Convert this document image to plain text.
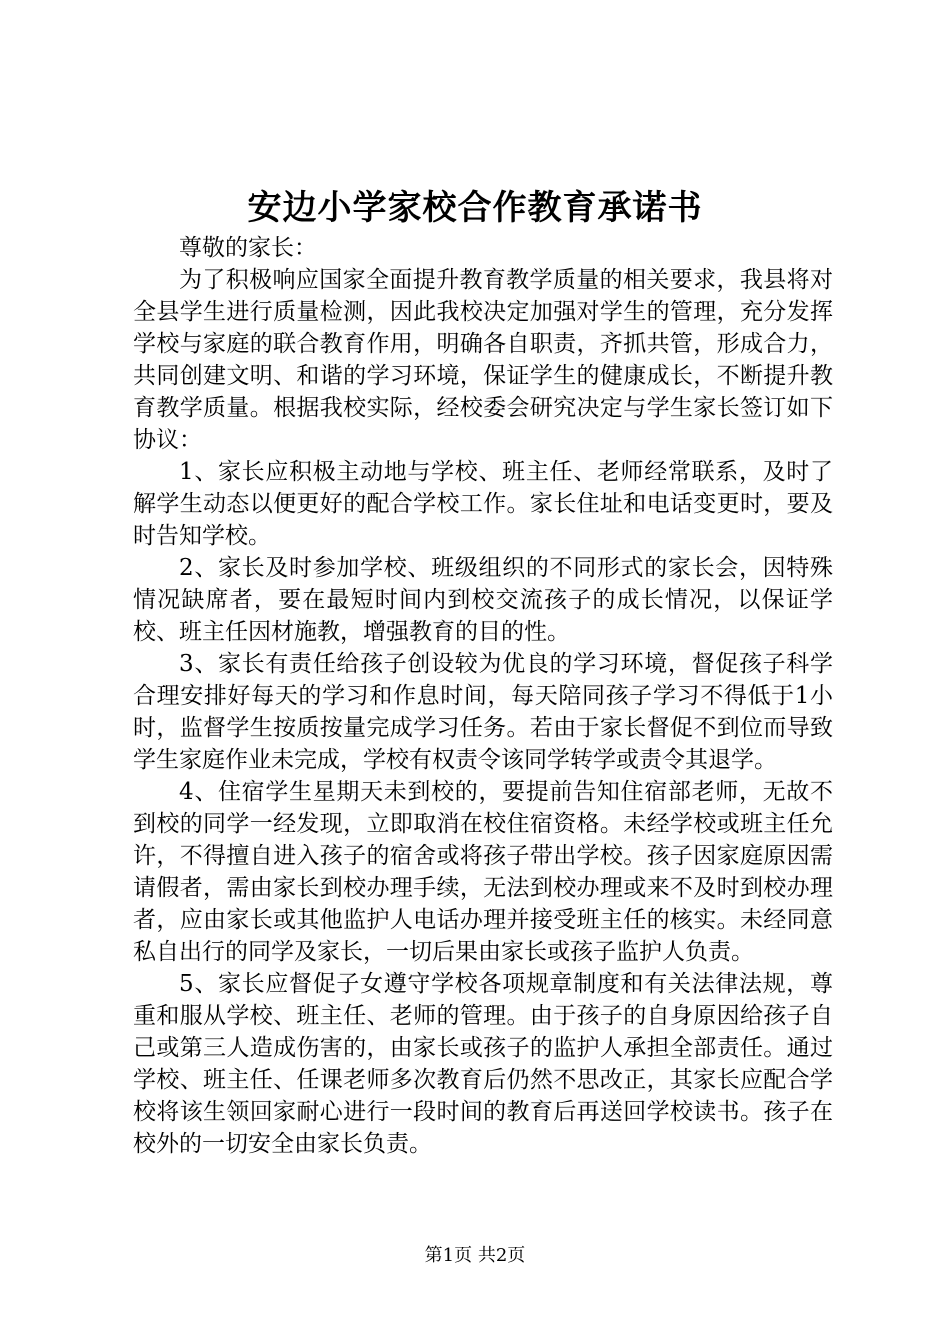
安边小学家校合作教育承诺书

尊敬的家长：

为了积极响应国家全面提升教育教学质量的相关要求，我县将对全县学生进行质量检测，因此我校决定加强对学生的管理，充分发挥学校与家庭的联合教育作用，明确各自职责，齐抓共管，形成合力，共同创建文明、和谐的学习环境，保证学生的健康成长，不断提升教育教学质量。根据我校实际，经校委会研究决定与学生家长签订如下协议：

1、家长应积极主动地与学校、班主任、老师经常联系，及时了解学生动态以便更好的配合学校工作。家长住址和电话变更时，要及时告知学校。

2、家长及时参加学校、班级组织的不同形式的家长会，因特殊情况缺席者，要在最短时间内到校交流孩子的成长情况，以保证学校、班主任因材施教，增强教育的目的性。

3、家长有责任给孩子创设较为优良的学习环境，督促孩子科学合理安排好每天的学习和作息时间，每天陪同孩子学习不得低于1小时，监督学生按质按量完成学习任务。若由于家长督促不到位而导致学生家庭作业未完成，学校有权责令该同学转学或责令其退学。

4、住宿学生星期天未到校的，要提前告知住宿部老师，无故不到校的同学一经发现，立即取消在校住宿资格。未经学校或班主任允许，不得擅自进入孩子的宿舍或将孩子带出学校。孩子因家庭原因需请假者，需由家长到校办理手续，无法到校办理或来不及时到校办理者，应由家长或其他监护人电话办理并接受班主任的核实。未经同意私自出行的同学及家长，一切后果由家长或孩子监护人负责。

5、家长应督促子女遵守学校各项规章制度和有关法律法规，尊重和服从学校、班主任、老师的管理。由于孩子的自身原因给孩子自己或第三人造成伤害的，由家长或孩子的监护人承担全部责任。通过学校、班主任、任课老师多次教育后仍然不思改正，其家长应配合学校将该生领回家耐心进行一段时间的教育后再送回学校读书。孩子在校外的一切安全由家长负责。

第1页 共2页
